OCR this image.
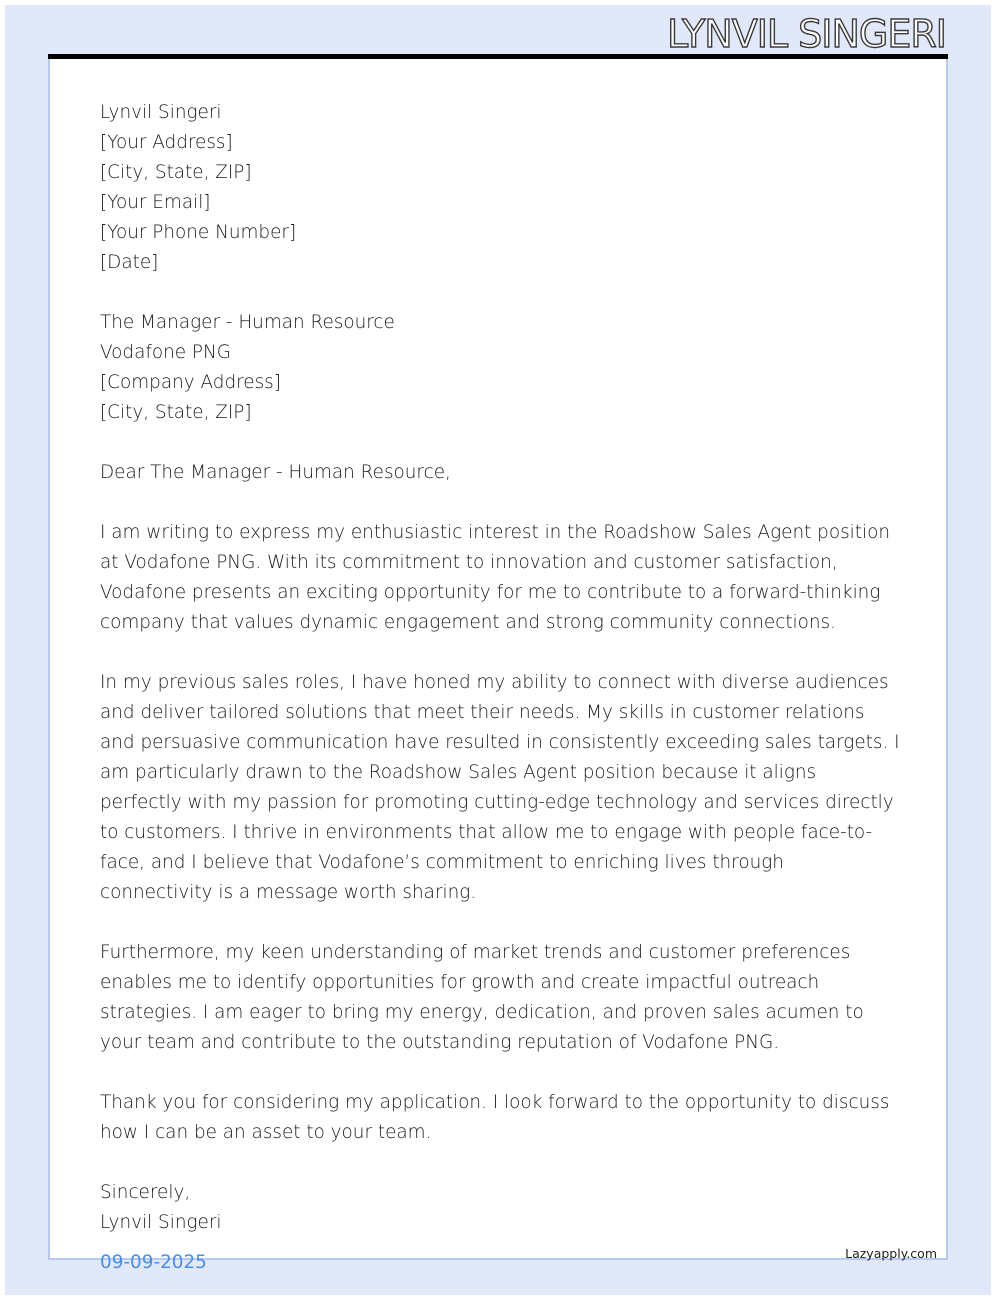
LYNVIL SINGERI
Lynvil Singeri
[Your Address]
[City, State, ZIP]
[Your Email]
[Your Phone Number]
[Date]
The Manager - Human Resource
Vodafone PNG
[Company Address]
[City, State, ZIP]
Dear The Manager - Human Resource,

I am writing to express my enthusiastic interest in the Roadshow Sales Agent position at Vodafone PNG. With its commitment to innovation and customer satisfaction, Vodafone presents an exciting opportunity for me to contribute to a forward-thinking company that values dynamic engagement and strong community connections.

In my previous sales roles, I have honed my ability to connect with diverse audiences and deliver tailored solutions that meet their needs. My skills in customer relations and persuasive communication have resulted in consistently exceeding sales targets. I am particularly drawn to the Roadshow Sales Agent position because it aligns perfectly with my passion for promoting cutting-edge technology and services directly to customers. I thrive in environments that allow me to engage with people face-to-face, and I believe that Vodafone’s commitment to enriching lives through connectivity is a message worth sharing.

Furthermore, my keen understanding of market trends and customer preferences enables me to identify opportunities for growth and create impactful outreach strategies. I am eager to bring my energy, dedication, and proven sales acumen to your team and contribute to the outstanding reputation of Vodafone PNG.

Thank you for considering my application. I look forward to the opportunity to discuss how I can be an asset to your team.

Sincerely,
Lynvil Singeri
09-09-2025	Lazyapply.com
